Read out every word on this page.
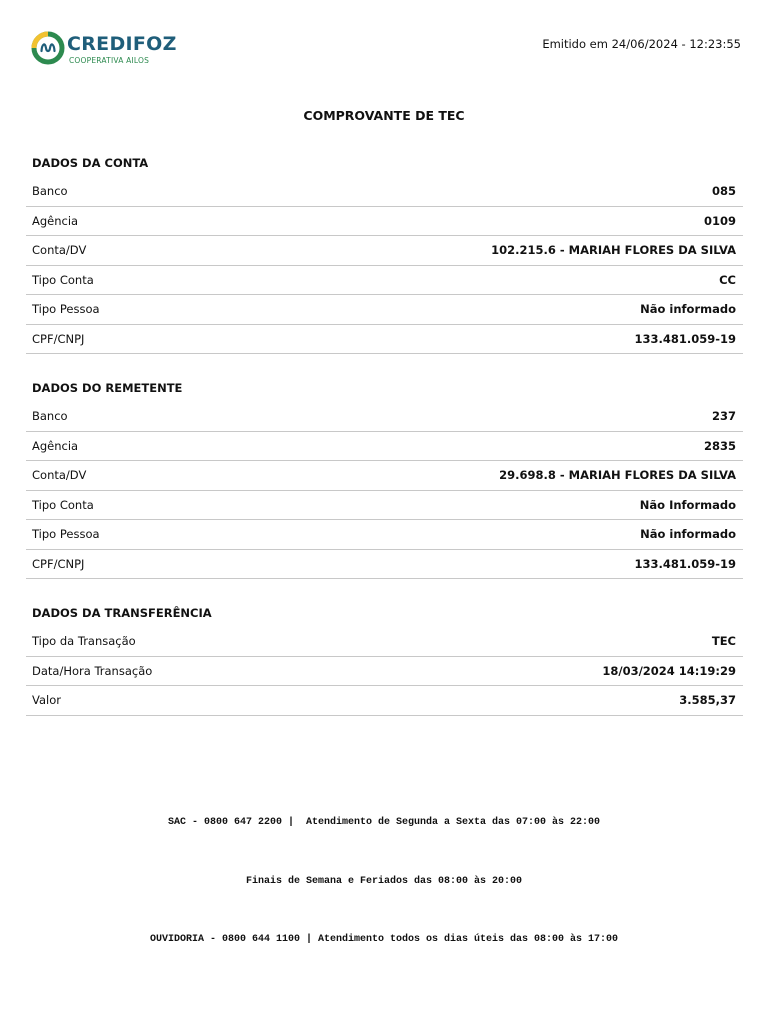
CREDIFOZ
COOPERATIVA AILOS
Emitido em 24/06/2024 - 12:23:55
COMPROVANTE DE TEC
DADOS DA CONTA
Banco	085
Agência	0109
Conta/DV	102.215.6 - MARIAH FLORES DA SILVA
Tipo Conta	CC
Tipo Pessoa	Não informado
CPF/CNPJ	133.481.059-19
DADOS DO REMETENTE
Banco	237
Agência	2835
Conta/DV	29.698.8 - MARIAH FLORES DA SILVA
Tipo Conta	Não Informado
Tipo Pessoa	Não informado
CPF/CNPJ	133.481.059-19
DADOS DA TRANSFERÊNCIA
Tipo da Transação	TEC
Data/Hora Transação	18/03/2024 14:19:29
Valor	3.585,37

SAC - 0800 647 2200 |  Atendimento de Segunda a Sexta das 07:00 às 22:00

Finais de Semana e Feriados das 08:00 às 20:00

OUVIDORIA - 0800 644 1100 | Atendimento todos os dias úteis das 08:00 às 17:00
